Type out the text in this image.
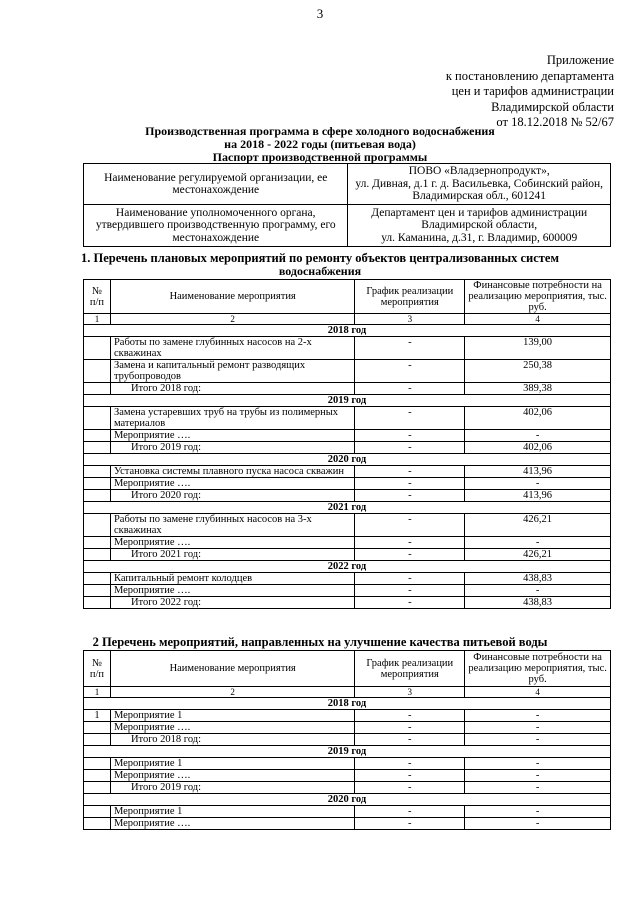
3
Приложение
к постановлению департамента
цен и тарифов администрации
Владимирской области
от 18.12.2018 № 52/67
Производственная программа в сфере холодного водоснабжения
на 2018 - 2022 годы (питьевая вода)
Паспорт производственной программы
Наименование регулируемой организации, ее местонахождение	ПОВО «Владзернопродукт»,
ул. Дивная, д.1 г. д. Васильевка, Собинский район,
Владимирская обл., 601241

Наименование уполномоченного органа, утвердившего производственную программу, его местонахождение	Департамент цен и тарифов администрации
Владимирской области,
ул. Каманина, д.31, г. Владимир, 600009
1. Перечень плановых мероприятий по ремонту объектов централизованных систем
водоснабжения
№ п/п	Наименование мероприятия	График реализации мероприятия	Финансовые потребности на реализацию мероприятия, тыс. руб.
1	2	3	4
2018 год			
	Работы по замене глубинных насосов на 2-х скважинах	-	139,00
	Замена и капитальный ремонт разводящих трубопроводов	-	250,38
	Итого 2018 год:	-	389,38
2019 год			
	Замена устаревших труб на трубы из полимерных материалов	-	402,06
	Мероприятие ….	-	-
	Итого 2019 год:	-	402,06
2020 год			
	Установка системы плавного пуска насоса скважин	-	413,96
	Мероприятие ….	-	-
	Итого 2020 год:	-	413,96
2021 год			
	Работы по замене глубинных насосов на 3-х скважинах	-	426,21
	Мероприятие ….	-	-
	Итого 2021 год:	-	426,21
2022 год			
	Капитальный ремонт колодцев	-	438,83
	Мероприятие ….	-	-
	Итого 2022 год:	-	438,83
2 Перечень мероприятий, направленных на улучшение качества питьевой воды
№ п/п	Наименование мероприятия	График реализации мероприятия	Финансовые потребности на реализацию мероприятия, тыс. руб.
1	2	3	4
2018 год			
1	Мероприятие 1	-	-
	Мероприятие ….	-	-
	Итого 2018 год:	-	-
2019 год			
	Мероприятие 1	-	-
	Мероприятие ….	-	-
	Итого 2019 год:	-	-
2020 год			
	Мероприятие 1	-	-
	Мероприятие ….	-	-
